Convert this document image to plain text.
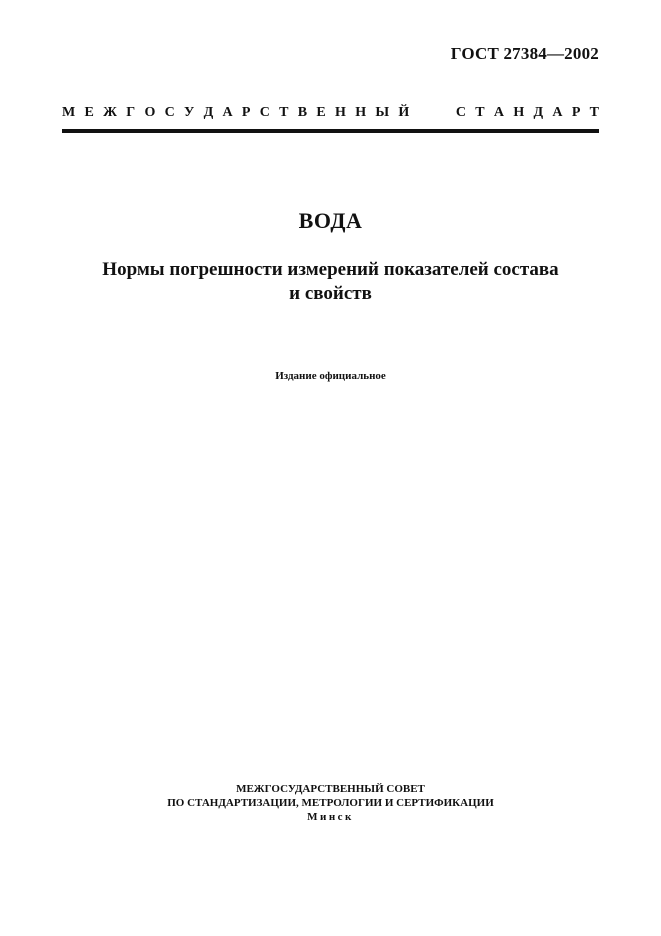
ГОСТ 27384—2002
М Е Ж Г О С У Д А Р С Т В Е Н Н Ы Й	С Т А Н Д А Р Т
ВОДА
Нормы погрешности измерений показателей состава
и свойств
Издание официальное
МЕЖГОСУДАРСТВЕННЫЙ СОВЕТ
ПО СТАНДАРТИЗАЦИИ, МЕТРОЛОГИИ И СЕРТИФИКАЦИИ
Минск
